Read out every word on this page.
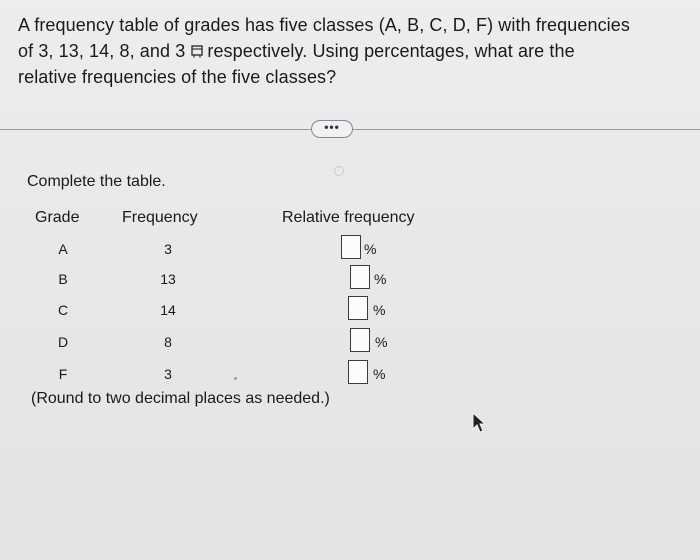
A frequency table of grades has five classes (A, B, C, D, F) with frequencies
of 3, 13, 14, 8, and 3 respectively. Using percentages, what are the
relative frequencies of the five classes?
•••
Complete the table.
Grade	Frequency	Relative frequency
A	3	%
B	13	%
C	14	%
D	8	%
F	3	%
(Round to two decimal places as needed.)
